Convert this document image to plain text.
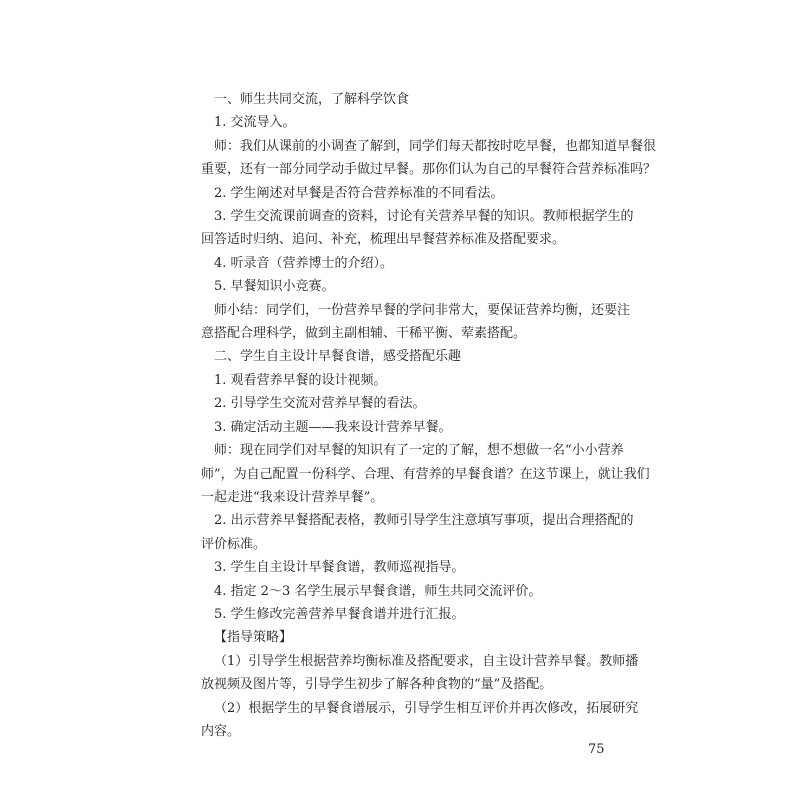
一、师生共同交流，了解科学饮食

1. 交流导入。

师：我们从课前的小调查了解到，同学们每天都按时吃早餐，也都知道早餐很

重要，还有一部分同学动手做过早餐。那你们认为自己的早餐符合营养标准吗？

2. 学生阐述对早餐是否符合营养标准的不同看法。

3. 学生交流课前调查的资料，讨论有关营养早餐的知识。教师根据学生的

回答适时归纳、追问、补充，梳理出早餐营养标准及搭配要求。

4. 听录音（营养博士的介绍）。

5. 早餐知识小竞赛。

师小结：同学们，一份营养早餐的学问非常大，要保证营养均衡，还要注

意搭配合理科学，做到主副相辅、干稀平衡、荤素搭配。

二、学生自主设计早餐食谱，感受搭配乐趣

1. 观看营养早餐的设计视频。

2. 引导学生交流对营养早餐的看法。

3. 确定活动主题——我来设计营养早餐。

师：现在同学们对早餐的知识有了一定的了解，想不想做一名“小小营养

师”，为自己配置一份科学、合理、有营养的早餐食谱？在这节课上，就让我们

一起走进“我来设计营养早餐”。

2. 出示营养早餐搭配表格，教师引导学生注意填写事项，提出合理搭配的

评价标准。

3. 学生自主设计早餐食谱，教师巡视指导。

4. 指定 2～3 名学生展示早餐食谱，师生共同交流评价。

5. 学生修改完善营养早餐食谱并进行汇报。

【指导策略】

（1）引导学生根据营养均衡标准及搭配要求，自主设计营养早餐。教师播

放视频及图片等，引导学生初步了解各种食物的“量”及搭配。

（2）根据学生的早餐食谱展示，引导学生相互评价并再次修改，拓展研究

内容。

75
